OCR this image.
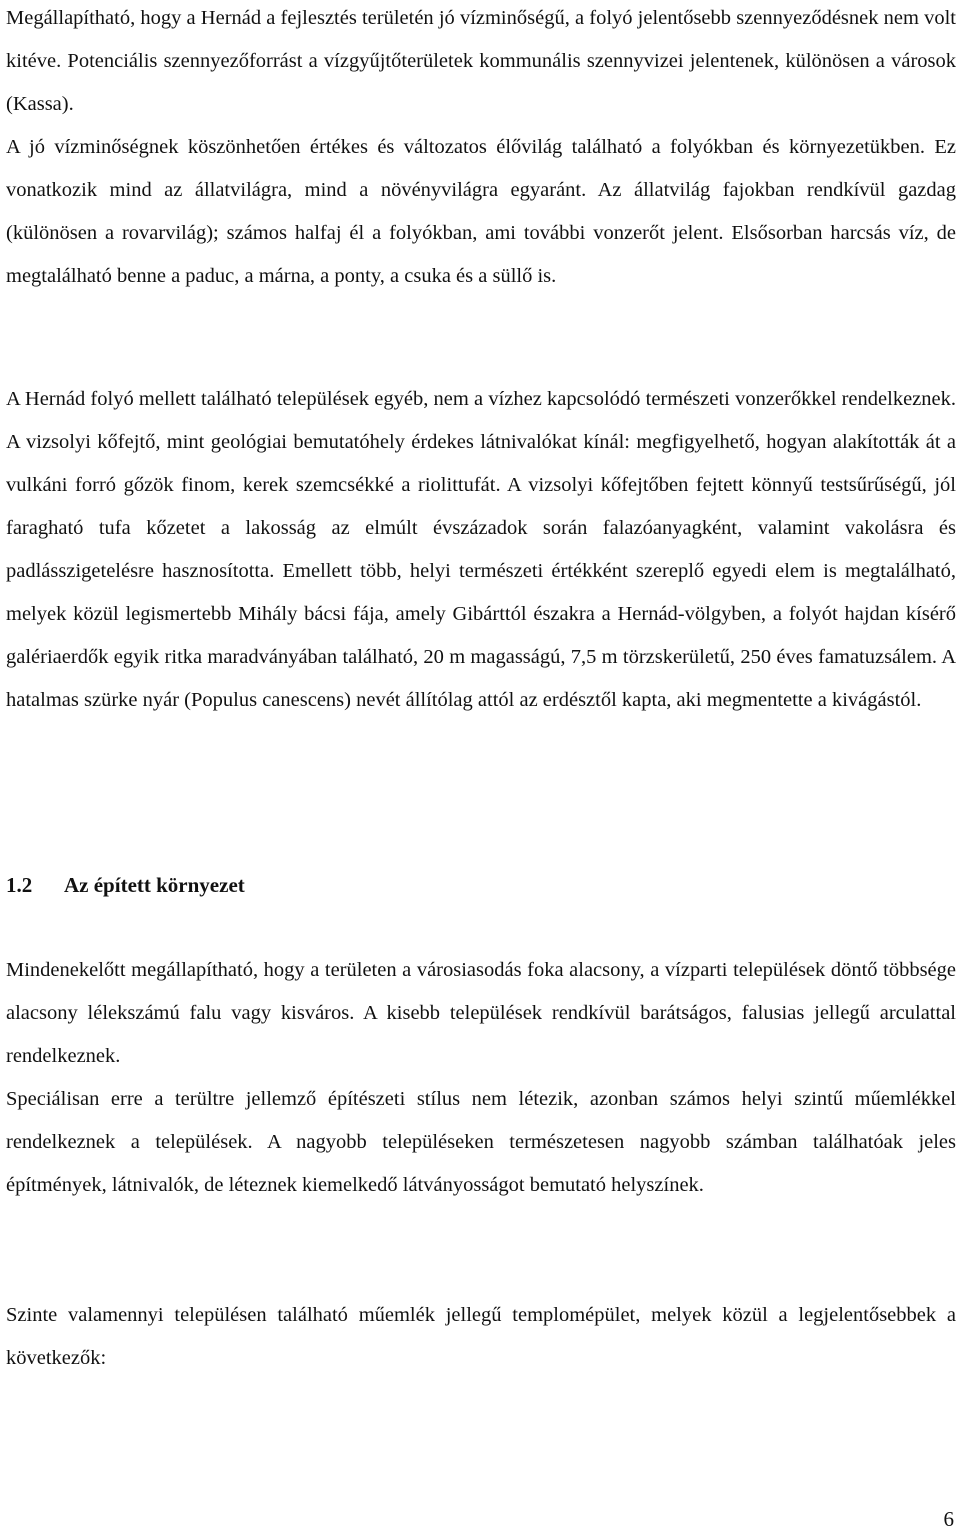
Megállapítható, hogy a Hernád a fejlesztés területén jó vízminőségű, a folyó jelentősebb szennyeződésnek nem volt kitéve. Potenciális szennyezőforrást a vízgyűjtőterületek kommunális szennyvizei jelentenek, különösen a városok (Kassa).
A jó vízminőségnek köszönhetően értékes és változatos élővilág található a folyókban és környezetükben. Ez vonatkozik mind az állatvilágra, mind a növényvilágra egyaránt. Az állatvilág fajokban rendkívül gazdag (különösen a rovarvilág); számos halfaj él a folyókban, ami további vonzerőt jelent. Elsősorban harcsás víz, de megtalálható benne a paduc, a márna, a ponty, a csuka és a süllő is.

A Hernád folyó mellett található települések egyéb, nem a vízhez kapcsolódó természeti vonzerőkkel rendelkeznek. A vizsolyi kőfejtő, mint geológiai bemutatóhely érdekes látnivalókat kínál: megfigyelhető, hogyan alakították át a vulkáni forró gőzök finom, kerek szemcsékké a riolittufát. A vizsolyi kőfejtőben fejtett könnyű testsűrűségű, jól faragható tufa kőzetet a lakosság az elmúlt évszázadok során falazóanyagként, valamint vakolásra és padlásszigetelésre hasznosította. Emellett több, helyi természeti értékként szereplő egyedi elem is megtalálható, melyek közül legismertebb Mihály bácsi fája, amely Gibárttól északra a Hernád-völgyben, a folyót hajdan kísérő galériaerdők egyik ritka maradványában található, 20 m magasságú, 7,5 m törzskerületű, 250 éves famatuzsálem. A hatalmas szürke nyár (Populus canescens) nevét állítólag attól az erdésztől kapta, aki megmentette a kivágástól.

1.2 Az épített környezet

Mindenekelőtt megállapítható, hogy a területen a városiasodás foka alacsony, a vízparti települések döntő többsége alacsony lélekszámú falu vagy kisváros. A kisebb települések rendkívül barátságos, falusias jellegű arculattal rendelkeznek.
Speciálisan erre a terültre jellemző építészeti stílus nem létezik, azonban számos helyi szintű műemlékkel rendelkeznek a települések. A nagyobb településeken természetesen nagyobb számban találhatóak jeles építmények, látnivalók, de léteznek kiemelkedő látványosságot bemutató helyszínek.

Szinte valamennyi településen található műemlék jellegű templomépület, melyek közül a legjelentősebbek a következők:

6
